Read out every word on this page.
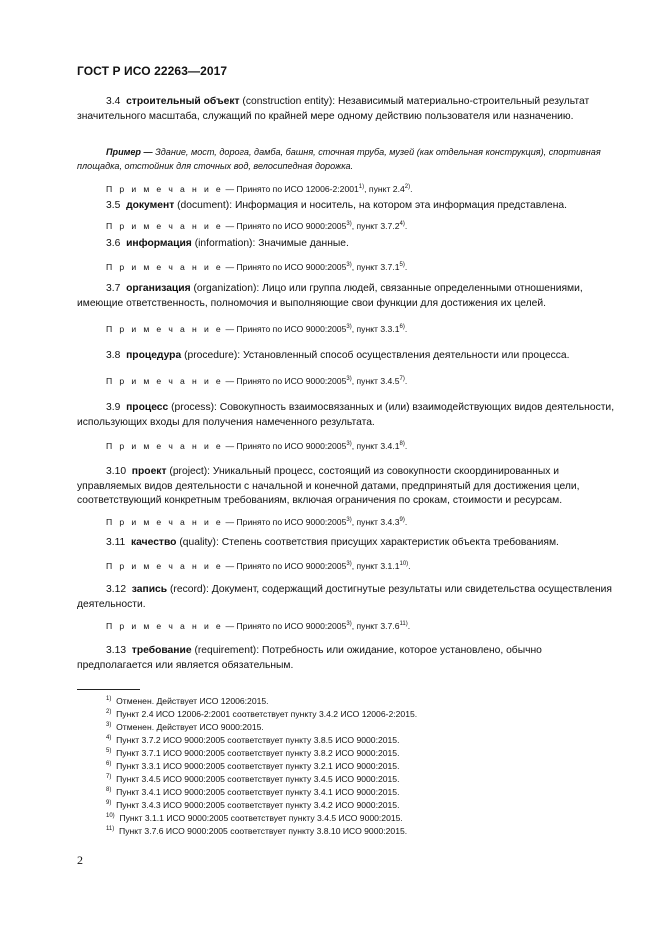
ГОСТ Р ИСО 22263—2017
3.4 строительный объект (construction entity): Независимый материально-строительный результат значительного масштаба, служащий по крайней мере одному действию пользователя или назначению.
Пример — Здание, мост, дорога, дамба, башня, сточная труба, музей (как отдельная конструкция), спортивная площадка, отстойник для сточных вод, велосипедная дорожка.
П р и м е ч а н и е — Принято по ИСО 12006-2:2001$^{1)}$, пункт 2.4$^{2)}$.
3.5 документ (document): Информация и носитель, на котором эта информация представлена.
П р и м е ч а н и е — Принято по ИСО 9000:2005$^{3)}$, пункт 3.7.2$^{4)}$.
3.6 информация (information): Значимые данные.
П р и м е ч а н и е — Принято по ИСО 9000:2005$^{3)}$, пункт 3.7.1$^{5)}$.
3.7 организация (organization): Лицо или группа людей, связанные определенными отношениями, имеющие ответственность, полномочия и выполняющие свои функции для достижения их целей.
П р и м е ч а н и е — Принято по ИСО 9000:2005$^{3)}$, пункт 3.3.1$^{6)}$.
3.8 процедура (procedure): Установленный способ осуществления деятельности или процесса.
П р и м е ч а н и е — Принято по ИСО 9000:2005$^{3)}$, пункт 3.4.5$^{7)}$.
3.9 процесс (process): Совокупность взаимосвязанных и (или) взаимодействующих видов деятельности, использующих входы для получения намеченного результата.
П р и м е ч а н и е — Принято по ИСО 9000:2005$^{3)}$, пункт 3.4.1$^{8)}$.
3.10 проект (project): Уникальный процесс, состоящий из совокупности скоординированных и управляемых видов деятельности с начальной и конечной датами, предпринятый для достижения цели, соответствующий конкретным требованиям, включая ограничения по срокам, стоимости и ресурсам.
П р и м е ч а н и е — Принято по ИСО 9000:2005$^{3)}$, пункт 3.4.3$^{9)}$.
3.11 качество (quality): Степень соответствия присущих характеристик объекта требованиям.
П р и м е ч а н и е — Принято по ИСО 9000:2005$^{3)}$, пункт 3.1.1$^{10)}$.
3.12 запись (record): Документ, содержащий достигнутые результаты или свидетельства осуществления деятельности.
П р и м е ч а н и е — Принято по ИСО 9000:2005$^{3)}$, пункт 3.7.6$^{11)}$.
3.13 требование (requirement): Потребность или ожидание, которое установлено, обычно предполагается или является обязательным.
$^{1)}$ Отменен. Действует ИСО 12006:2015.
$^{2)}$ Пункт 2.4 ИСО 12006-2:2001 соответствует пункту 3.4.2 ИСО 12006-2:2015.
$^{3)}$ Отменен. Действует ИСО 9000:2015.
$^{4)}$ Пункт 3.7.2 ИСО 9000:2005 соответствует пункту 3.8.5 ИСО 9000:2015.
$^{5)}$ Пункт 3.7.1 ИСО 9000:2005 соответствует пункту 3.8.2 ИСО 9000:2015.
$^{6)}$ Пункт 3.3.1 ИСО 9000:2005 соответствует пункту 3.2.1 ИСО 9000:2015.
$^{7)}$ Пункт 3.4.5 ИСО 9000:2005 соответствует пункту 3.4.5 ИСО 9000:2015.
$^{8)}$ Пункт 3.4.1 ИСО 9000:2005 соответствует пункту 3.4.1 ИСО 9000:2015.
$^{9)}$ Пункт 3.4.3 ИСО 9000:2005 соответствует пункту 3.4.2 ИСО 9000:2015.
$^{10)}$ Пункт 3.1.1 ИСО 9000:2005 соответствует пункту 3.4.5 ИСО 9000:2015.
$^{11)}$ Пункт 3.7.6 ИСО 9000:2005 соответствует пункту 3.8.10 ИСО 9000:2015.
2
